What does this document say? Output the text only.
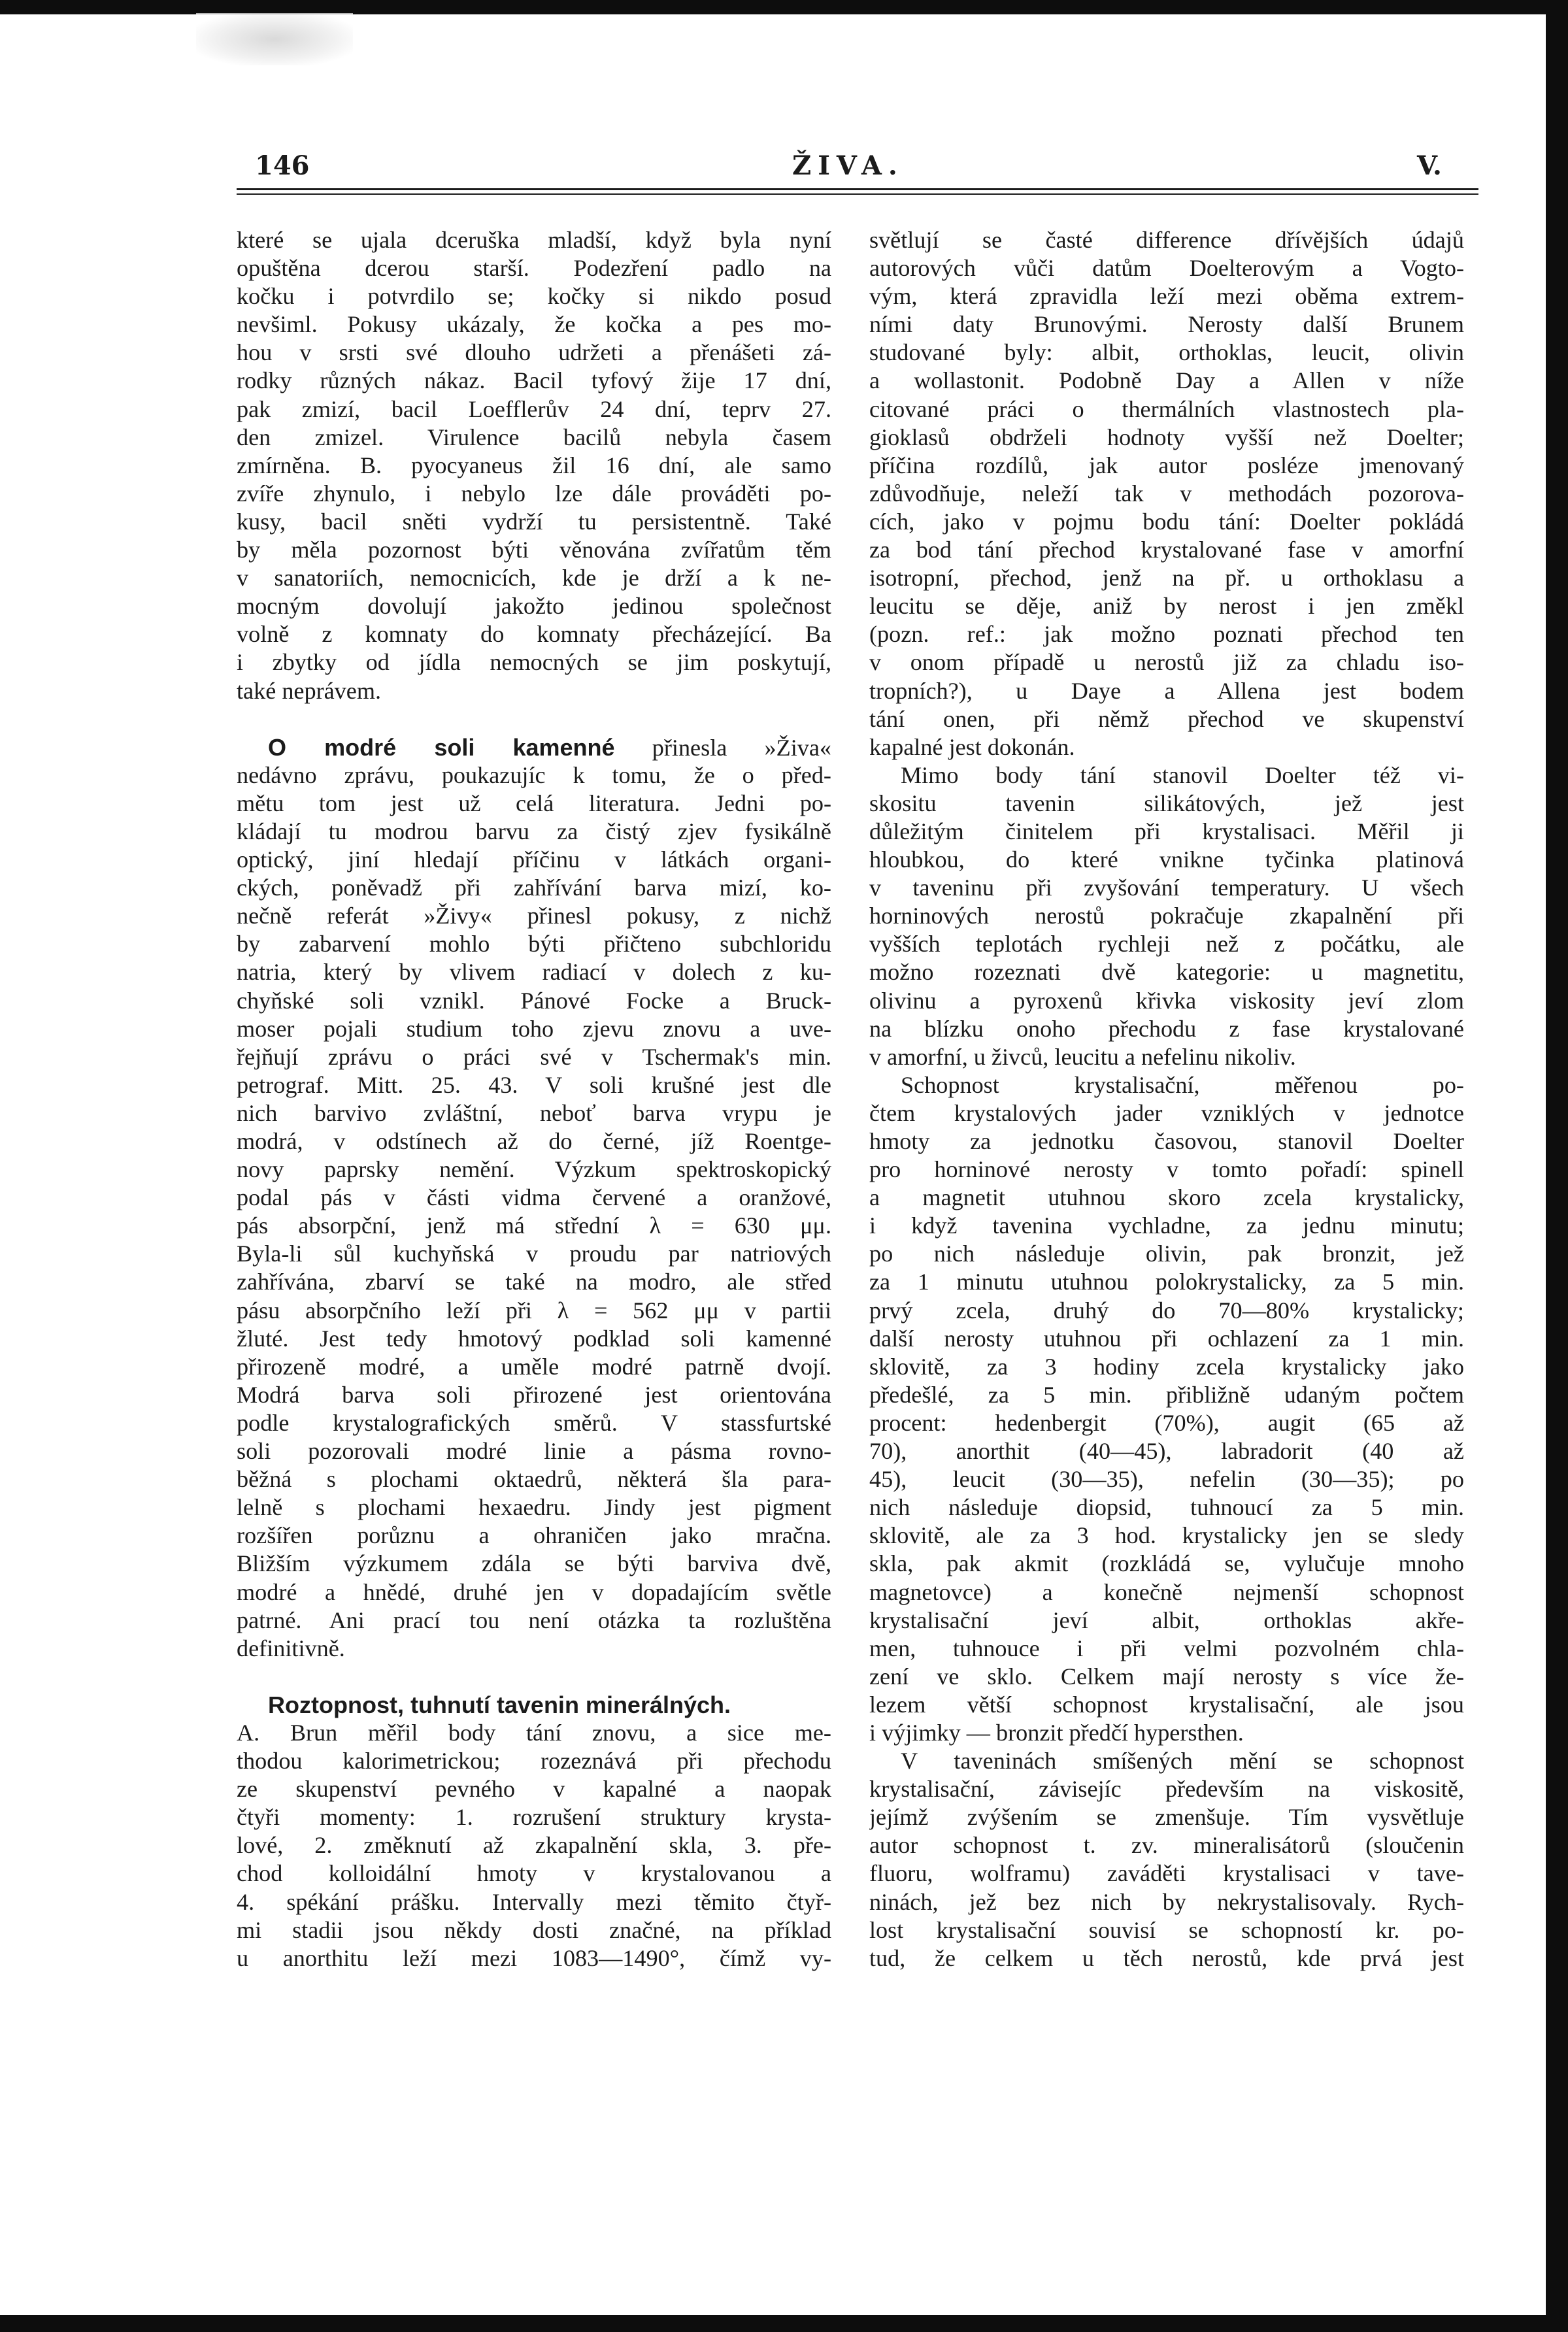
146	ŽIVA.	V.
které se ujala dceruška mladší, když byla nyní
opuštěna dcerou starší. Podezření padlo na
kočku i potvrdilo se; kočky si nikdo posud
nevšiml. Pokusy ukázaly, že kočka a pes mo-
hou v srsti své dlouho udržeti a přenášeti zá-
rodky různých nákaz. Bacil tyfový žije 17 dní,
pak zmizí, bacil Loefflerův 24 dní, teprv 27.
den zmizel. Virulence bacilů nebyla časem
zmírněna. B. pyocyaneus žil 16 dní, ale samo
zvíře zhynulo, i nebylo lze dále prováděti po-
kusy, bacil sněti vydrží tu persistentně. Také
by měla pozornost býti věnována zvířatům těm
v sanatoriích, nemocnicích, kde je drží a k ne-
mocným dovolují jakožto jedinou společnost
volně z komnaty do komnaty přecházející. Ba
i zbytky od jídla nemocných se jim poskytují,
také neprávem.
O modré soli kamenné přinesla »Živa«
nedávno zprávu, poukazujíc k tomu, že o před-
mětu tom jest už celá literatura. Jedni po-
kládají tu modrou barvu za čistý zjev fysikálně
optický, jiní hledají příčinu v látkách organi-
ckých, poněvadž při zahřívání barva mizí, ko-
nečně referát »Živy« přinesl pokusy, z nichž
by zabarvení mohlo býti přičteno subchloridu
natria, který by vlivem radiací v dolech z ku-
chyňské soli vznikl. Pánové Focke a Bruck-
moser pojali studium toho zjevu znovu a uve-
řejňují zprávu o práci své v Tschermak's min.
petrograf. Mitt. 25. 43. V soli krušné jest dle
nich barvivo zvláštní, neboť barva vrypu je
modrá, v odstínech až do černé, jíž Roentge-
novy paprsky nemění. Výzkum spektroskopický
podal pás v části vidma červené a oranžové,
pás absorpční, jenž má střední λ = 630 μμ.
Byla-li sůl kuchyňská v proudu par natriových
zahřívána, zbarví se také na modro, ale střed
pásu absorpčního leží při λ = 562 μμ v partii
žluté. Jest tedy hmotový podklad soli kamenné
přirozeně modré, a uměle modré patrně dvojí.
Modrá barva soli přirozené jest orientována
podle krystalografických směrů. V stassfurtské
soli pozorovali modré linie a pásma rovno-
běžná s plochami oktaedrů, některá šla para-
lelně s plochami hexaedru. Jindy jest pigment
rozšířen porůznu a ohraničen jako mračna.
Bližším výzkumem zdála se býti barviva dvě,
modré a hnědé, druhé jen v dopadajícím světle
patrné. Ani prací tou není otázka ta rozluštěna
definitivně.
Roztopnost, tuhnutí tavenin minerálných.
A. Brun měřil body tání znovu, a sice me-
thodou kalorimetrickou; rozeznává při přechodu
ze skupenství pevného v kapalné a naopak
čtyři momenty: 1. rozrušení struktury krysta-
lové, 2. změknutí až zkapalnění skla, 3. pře-
chod kolloidální hmoty v krystalovanou a
4. spékání prášku. Intervally mezi těmito čtyř-
mi stadii jsou někdy dosti značné, na příklad
u anorthitu leží mezi 1083—1490°, čímž vy-
světlují se časté difference dřívějších údajů
autorových vůči datům Doelterovým a Vogto-
vým, která zpravidla leží mezi oběma extrem-
ními daty Brunovými. Nerosty další Brunem
studované byly: albit, orthoklas, leucit, olivin
a wollastonit. Podobně Day a Allen v níže
citované práci o thermálních vlastnostech pla-
gioklasů obdrželi hodnoty vyšší než Doelter;
příčina rozdílů, jak autor posléze jmenovaný
zdůvodňuje, neleží tak v methodách pozorova-
cích, jako v pojmu bodu tání: Doelter pokládá
za bod tání přechod krystalované fase v amorfní
isotropní, přechod, jenž na př. u orthoklasu a
leucitu se děje, aniž by nerost i jen změkl
(pozn. ref.: jak možno poznati přechod ten
v onom případě u nerostů již za chladu iso-
tropních?), u Daye a Allena jest bodem
tání onen, při němž přechod ve skupenství
kapalné jest dokonán.
Mimo body tání stanovil Doelter též vi-
skositu tavenin silikátových, jež jest
důležitým činitelem při krystalisaci. Měřil ji
hloubkou, do které vnikne tyčinka platinová
v taveninu při zvyšování temperatury. U všech
horninových nerostů pokračuje zkapalnění při
vyšších teplotách rychleji než z počátku, ale
možno rozeznati dvě kategorie: u magnetitu,
olivinu a pyroxenů křivka viskosity jeví zlom
na blízku onoho přechodu z fase krystalované
v amorfní, u živců, leucitu a nefelinu nikoliv.
Schopnost krystalisační, měřenou po-
čtem krystalových jader vzniklých v jednotce
hmoty za jednotku časovou, stanovil Doelter
pro horninové nerosty v tomto pořadí: spinell
a magnetit utuhnou skoro zcela krystalicky,
i když tavenina vychladne, za jednu minutu;
po nich následuje olivin, pak bronzit, jež
za 1 minutu utuhnou polokrystalicky, za 5 min.
prvý zcela, druhý do 70—80% krystalicky;
další nerosty utuhnou při ochlazení za 1 min.
sklovitě, za 3 hodiny zcela krystalicky jako
předešlé, za 5 min. přibližně udaným počtem
procent: hedenbergit (70%), augit (65 až
70), anorthit (40—45), labradorit (40 až
45), leucit (30—35), nefelin (30—35); po
nich následuje diopsid, tuhnoucí za 5 min.
sklovitě, ale za 3 hod. krystalicky jen se sledy
skla, pak akmit (rozkládá se, vylučuje mnoho
magnetovce) a konečně nejmenší schopnost
krystalisační jeví albit, orthoklas akře-
men, tuhnouce i při velmi pozvolném chla-
zení ve sklo. Celkem mají nerosty s více že-
lezem větší schopnost krystalisační, ale jsou
i výjimky — bronzit předčí hypersthen.
V taveninách smíšených mění se schopnost
krystalisační, závisejíc především na viskositě,
jejímž zvýšením se zmenšuje. Tím vysvětluje
autor schopnost t. zv. mineralisátorů (sloučenin
fluoru, wolframu) zaváděti krystalisaci v tave-
ninách, jež bez nich by nekrystalisovaly. Rych-
lost krystalisační souvisí se schopností kr. po-
tud, že celkem u těch nerostů, kde prvá jest
